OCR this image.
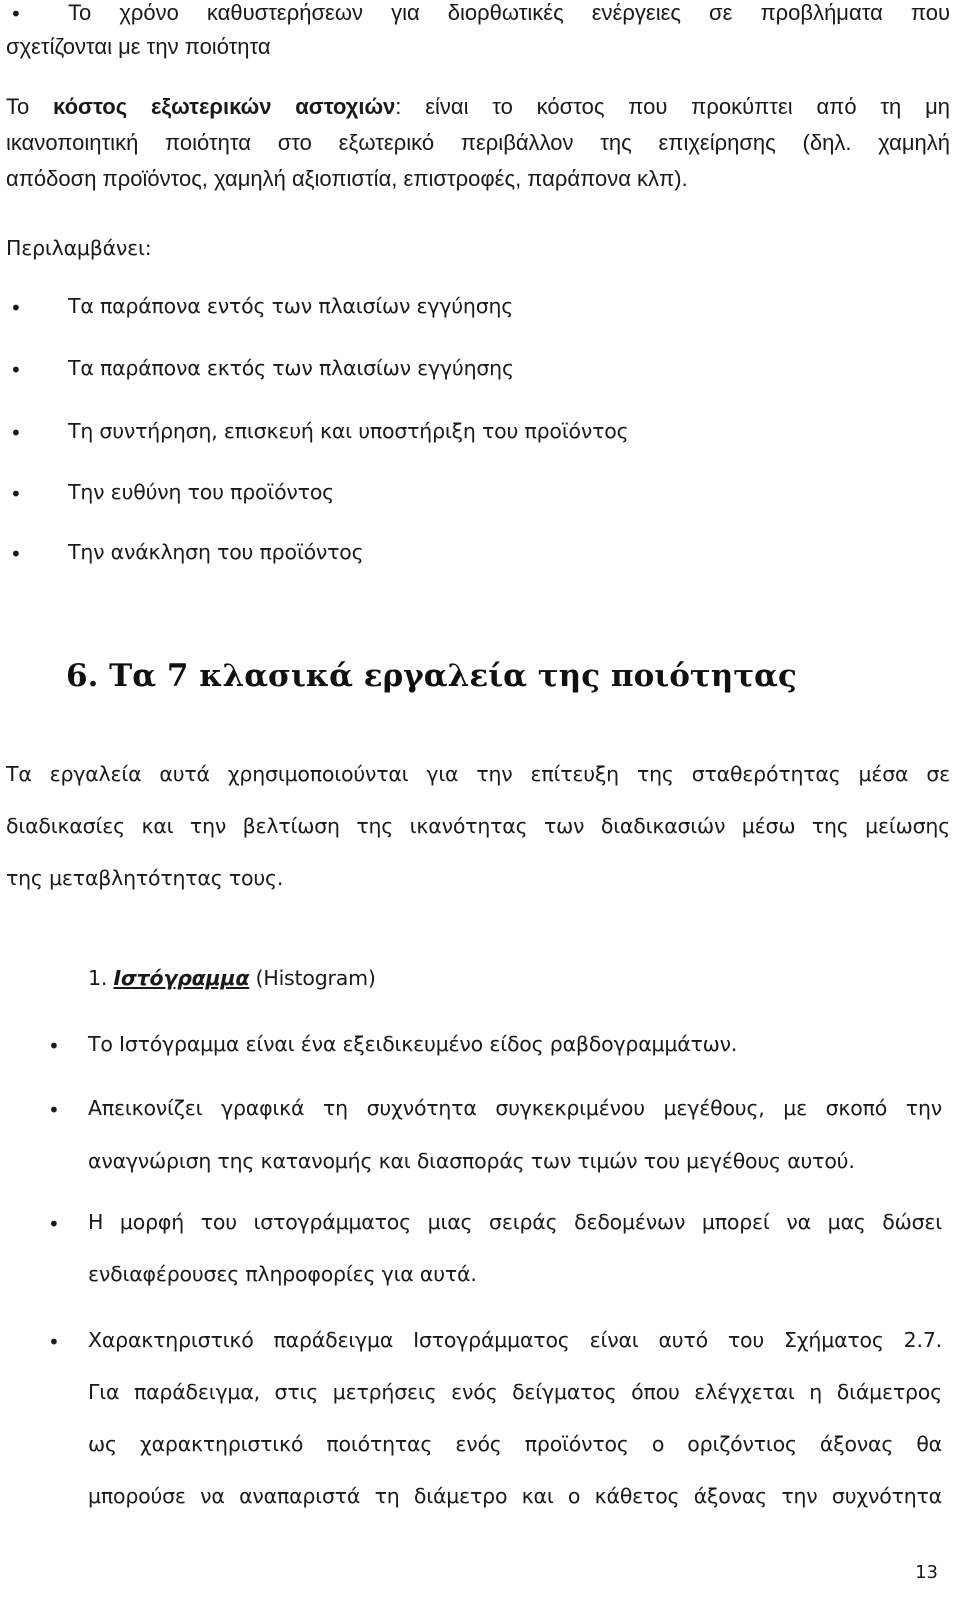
• Το χρόνο καθυστερήσεων για διορθωτικές ενέργειες σε προβλήματα που
σχετίζονται με την ποιότητα
Το κόστος εξωτερικών αστοχιών: είναι το κόστος που προκύπτει από τη μη
ικανοποιητική ποιότητα στο εξωτερικό περιβάλλον της επιχείρησης (δηλ. χαμηλή
απόδοση προϊόντος, χαμηλή αξιοπιστία, επιστροφές, παράπονα κλπ).
Περιλαμβάνει:
• Τα παράπονα εντός των πλαισίων εγγύησης
• Τα παράπονα εκτός των πλαισίων εγγύησης
• Τη συντήρηση, επισκευή και υποστήριξη του προϊόντος
• Την ευθύνη του προϊόντος
• Την ανάκληση του προϊόντος
6. Τα 7 κλασικά εργαλεία της ποιότητας
Τα εργαλεία αυτά χρησιμοποιούνται για την επίτευξη της σταθερότητας μέσα σε
διαδικασίες και την βελτίωση της ικανότητας των διαδικασιών μέσω της μείωσης
της μεταβλητότητας τους.
1. Ιστόγραμμα (Histogram)
• Το Ιστόγραμμα είναι ένα εξειδικευμένο είδος ραβδογραμμάτων.
• Απεικονίζει γραφικά τη συχνότητα συγκεκριμένου μεγέθους, με σκοπό την
αναγνώριση της κατανομής και διασποράς των τιμών του μεγέθους αυτού.
• Η μορφή του ιστογράμματος μιας σειράς δεδομένων μπορεί να μας δώσει
ενδιαφέρουσες πληροφορίες για αυτά.
• Χαρακτηριστικό παράδειγμα Ιστογράμματος είναι αυτό του Σχήματος 2.7.
Για παράδειγμα, στις μετρήσεις ενός δείγματος όπου ελέγχεται η διάμετρος
ως χαρακτηριστικό ποιότητας ενός προϊόντος ο οριζόντιος άξονας θα
μπορούσε να αναπαριστά τη διάμετρο και ο κάθετος άξονας την συχνότητα
13
